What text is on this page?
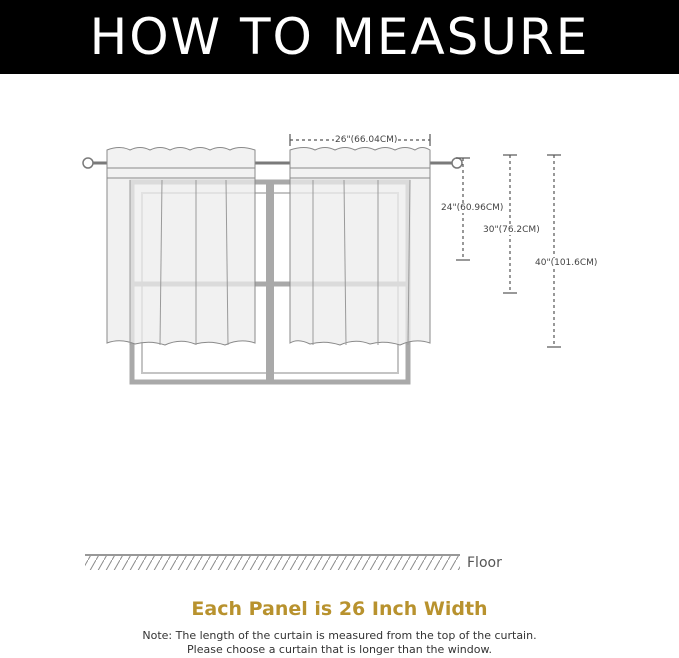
HOW TO MEASURE
26"(66.04CM)
24"(60.96CM)
30"(76.2CM)
40"(101.6CM)
Floor
Each Panel is 26 Inch Width
Note: The length of the curtain is measured from the top of the curtain.
Please choose a curtain that is longer than the window.
